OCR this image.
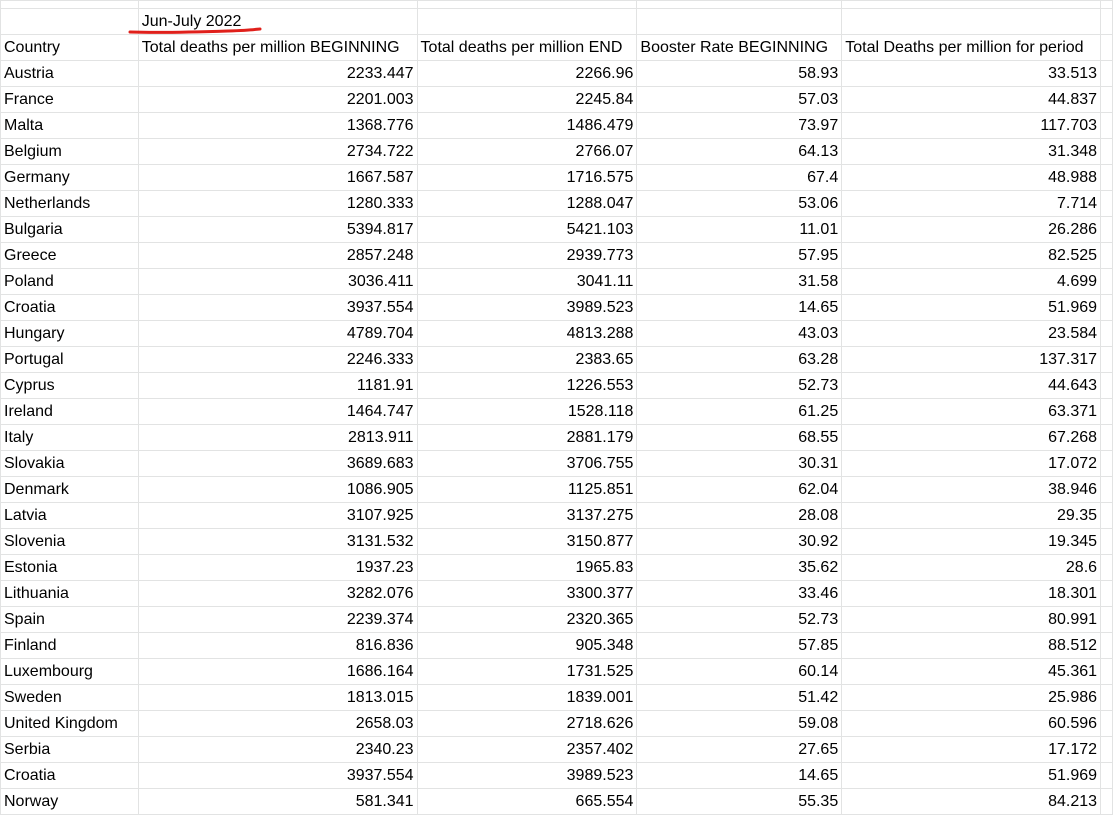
	Jun-July 2022				
Country	Total deaths per million BEGINNING	Total deaths per million END	Booster Rate BEGINNING	Total Deaths per million for period	
Austria	2233.447	2266.96	58.93	33.513	
France	2201.003	2245.84	57.03	44.837	
Malta	1368.776	1486.479	73.97	117.703	
Belgium	2734.722	2766.07	64.13	31.348	
Germany	1667.587	1716.575	67.4	48.988	
Netherlands	1280.333	1288.047	53.06	7.714	
Bulgaria	5394.817	5421.103	11.01	26.286	
Greece	2857.248	2939.773	57.95	82.525	
Poland	3036.411	3041.11	31.58	4.699	
Croatia	3937.554	3989.523	14.65	51.969	
Hungary	4789.704	4813.288	43.03	23.584	
Portugal	2246.333	2383.65	63.28	137.317	
Cyprus	1181.91	1226.553	52.73	44.643	
Ireland	1464.747	1528.118	61.25	63.371	
Italy	2813.911	2881.179	68.55	67.268	
Slovakia	3689.683	3706.755	30.31	17.072	
Denmark	1086.905	1125.851	62.04	38.946	
Latvia	3107.925	3137.275	28.08	29.35	
Slovenia	3131.532	3150.877	30.92	19.345	
Estonia	1937.23	1965.83	35.62	28.6	
Lithuania	3282.076	3300.377	33.46	18.301	
Spain	2239.374	2320.365	52.73	80.991	
Finland	816.836	905.348	57.85	88.512	
Luxembourg	1686.164	1731.525	60.14	45.361	
Sweden	1813.015	1839.001	51.42	25.986	
United Kingdom	2658.03	2718.626	59.08	60.596	
Serbia	2340.23	2357.402	27.65	17.172	
Croatia	3937.554	3989.523	14.65	51.969	
Norway	581.341	665.554	55.35	84.213	
